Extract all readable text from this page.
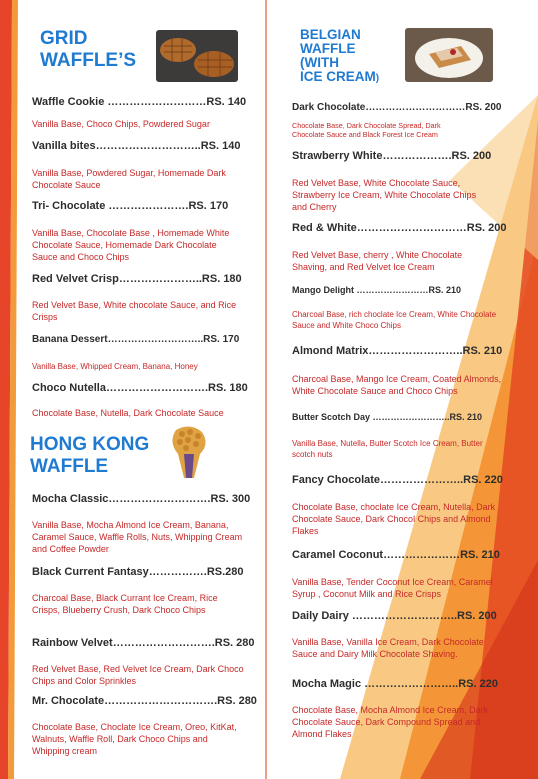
GRID
WAFFLE’S
Waffle Cookie ………………………RS. 140
Vanilla Base, Choco Chips, Powdered Sugar
Vanilla bites………………………..RS. 140
Vanilla Base, Powdered Sugar, Homemade Dark Chocolate Sauce
Tri- Chocolate ………………….RS. 170
Vanilla Base, Chocolate Base , Homemade White Chocolate Sauce, Homemade Dark Chocolate Sauce and Choco Chips
Red Velvet Crisp…………………..RS. 180
Red Velvet Base, White chocolate Sauce, and Rice Crisps
Banana Dessert………………………..RS. 170
Vanilla Base, Whipped Cream, Banana, Honey
Choco Nutella……………………….RS. 180
Chocolate Base, Nutella, Dark Chocolate Sauce
HONG KONG
WAFFLE
Mocha Classic……………………….RS. 300
Vanilla Base, Mocha Almond Ice Cream, Banana, Caramel Sauce, Waffle Rolls, Nuts, Whipping Cream and Coffee Powder
Black Current Fantasy…………….RS.280
Charcoal Base, Black Currant Ice Cream, Rice Crisps, Blueberry Crush, Dark Choco Chips
Rainbow Velvet……………………….RS. 280
Red Velvet Base, Red Velvet Ice Cream, Dark Choco Chips and Color Sprinkles
Mr. Chocolate………………………….RS. 280
Chocolate Base, Choclate Ice Cream, Oreo, KitKat, Walnuts, Waffle Roll, Dark Choco Chips and Whipping cream
BELGIAN
WAFFLE
(WITH
ICE CREAM)
Dark Chocolate…………………………RS. 200
Chocolate Base, Dark Chocolate Spread, Dark Chocolate Sauce and Black Forest Ice Cream
Strawberry White……………….RS. 200
Red Velvet Base, White Chocolate Sauce, Strawberry Ice Cream, White Chocolate Chips and Cherry
Red & White…………………………RS. 200
Red Velvet Base, cherry , White Chocolate Shaving, and Red Velvet Ice Cream
Mango Delight ……………………RS. 210
Charcoal Base, rich choclate Ice Cream, White Chocolate Sauce and White Choco Chips
Almond Matrix……………………..RS. 210
Charcoal Base, Mango Ice Cream, Coated Almonds, White Chocolate Sauce and Choco Chips
Butter Scotch Day ……………………..RS. 210
Vanilla Base, Nutella, Butter Scotch Ice Cream, Butter scotch nuts
Fancy Chocolate…………………..RS. 220
Chocolate Base, choclate Ice Cream, Nutella, Dark Chocolate Sauce, Dark Chocol Chips and Almond Flakes
Caramel Coconut…………………RS. 210
Vanilla Base, Tender Coconut Ice Cream, Caramel Syrup , Coconut Milk and Rice Crisps
Daily Dairy ………………………..RS. 200
Vanilla Base, Vanilla Ice Cream, Dark Chocolate Sauce and Dairy Milk Chocolate Shaving.
Mocha Magic ……………………..RS. 220
Chocolate Base, Mocha Almond Ice Cream, Dark Chocolate Sauce, Dark Compound Spread and Almond Flakes
